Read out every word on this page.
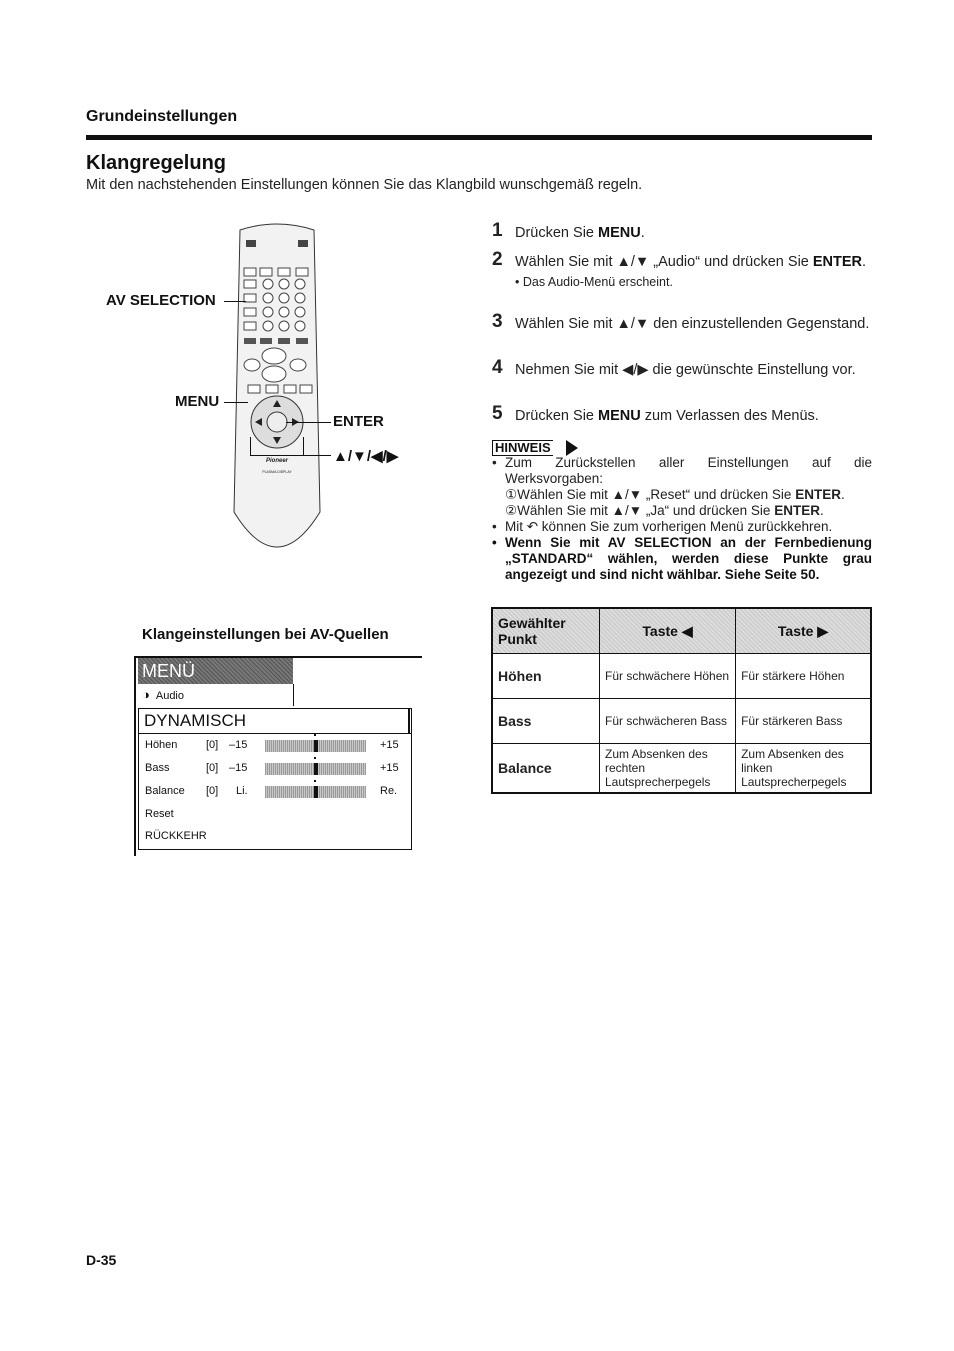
Grundeinstellungen
Klangregelung
Mit den nachstehenden Einstellungen können Sie das Klangbild wunschgemäß regeln.
Pioneer
PLASMA DISPLAY
AV SELECTION
MENU
ENTER
▲/▼/◀/▶
1 Drücken Sie MENU.
2 Wählen Sie mit ▲/▼ „Audio“ und drücken Sie ENTER.
• Das Audio-Menü erscheint.
3 Wählen Sie mit ▲/▼ den einzustellenden Gegenstand.
4 Nehmen Sie mit ◀/▶ die gewünschte Einstellung vor.
5 Drücken Sie MENU zum Verlassen des Menüs.
HINWEIS
• Zum Zurückstellen aller Einstellungen auf die Werksvorgaben:
①Wählen Sie mit ▲/▼ „Reset“ und drücken Sie ENTER.
②Wählen Sie mit ▲/▼ „Ja“ und drücken Sie ENTER.
• Mit ↶ können Sie zum vorherigen Menü zurückkehren.
• Wenn Sie mit AV SELECTION an der Fernbedienung „STANDARD“ wählen, werden diese Punkte grau angezeigt und sind nicht wählbar. Siehe Seite 50.
Gewählter Punkt	Taste ◀	Taste ▶
Höhen	Für schwächere Höhen	Für stärkere Höhen
Bass	Für schwächeren Bass	Für stärkeren Bass
Balance	Zum Absenken des rechten Lautsprecherpegels	Zum Absenken des linken Lautsprecherpegels
Klangeinstellungen bei AV-Quellen
MENÜ
◑ Audio
DYNAMISCH
Höhen	[0] –15	+15
Bass	[0] –15	+15
Balance [0] Li.	Re.
Reset
RÜCKKEHR
D-35
